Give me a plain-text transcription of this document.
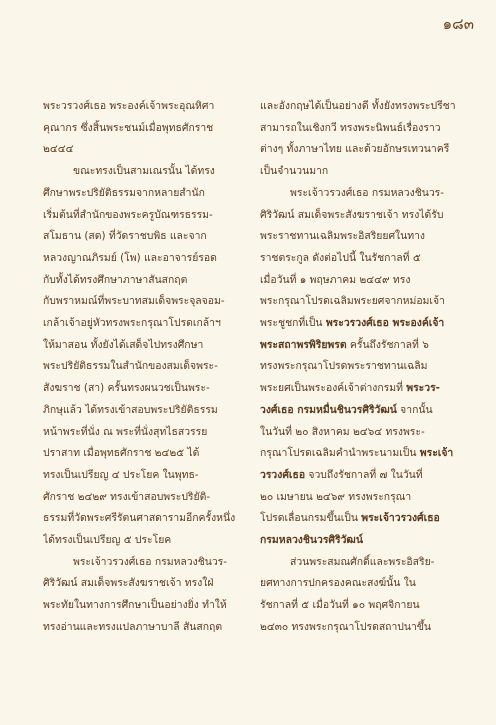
๑๘๓
พระวรวงศ์เธอ พระองค์เจ้าพระอุณหิศา
คุณากร ซึ่งสิ้นพระชนม์เมื่อพุทธศักราช
๒๔๔๔
ขณะทรงเป็นสามเณรนั้น ได้ทรง
ศึกษาพระปริยัติธรรมจากหลายสำนัก
เริ่มต้นที่สำนักของพระครูบัณฑรธรรม-
สโมธาน (สด) ที่วัดราชบพิธ และจาก
หลวงญาณภิรมย์ (โพ) และอาจารย์รอด
กับทั้งได้ทรงศึกษาภาษาสันสกฤต
กับพราหมณ์ที่พระบาทสมเด็จพระจุลจอม-
เกล้าเจ้าอยู่หัวทรงพระกรุณาโปรดเกล้าฯ
ให้มาสอน ทั้งยังได้เสด็จไปทรงศึกษา
พระปริยัติธรรมในสำนักของสมเด็จพระ-
สังฆราช (สา) ครั้นทรงผนวชเป็นพระ-
ภิกษุแล้ว ได้ทรงเข้าสอบพระปริยัติธรรม
หน้าพระที่นั่ง ณ พระที่นั่งสุทไธสวรรย
ปราสาท เมื่อพุทธศักราช ๒๔๒๕ ได้
ทรงเป็นเปรียญ ๔ ประโยค ในพุทธ-
ศักราช ๒๔๒๙ ทรงเข้าสอบพระปริยัติ-
ธรรมที่วัดพระศรีรัตนศาสดารามอีกครั้งหนึ่ง
ได้ทรงเป็นเปรียญ ๕ ประโยค
พระเจ้าวรวงศ์เธอ กรมหลวงชินวร-
ศิริวัฒน์ สมเด็จพระสังฆราชเจ้า ทรงใฝ่
พระทัยในทางการศึกษาเป็นอย่างยิ่ง ทำให้
ทรงอ่านและทรงแปลภาษาบาลี สันสกฤต
และอังกฤษได้เป็นอย่างดี ทั้งยังทรงพระปรีชา
สามารถในเชิงกวี ทรงพระนิพนธ์เรื่องราว
ต่างๆ ทั้งภาษาไทย และด้วยอักษรเทวนาครี
เป็นจำนวนมาก
พระเจ้าวรวงศ์เธอ กรมหลวงชินวร-
ศิริวัฒน์ สมเด็จพระสังฆราชเจ้า ทรงได้รับ
พระราชทานเฉลิมพระอิสริยยศในทาง
ราชตระกูล ดังต่อไปนี้ ในรัชกาลที่ ๕
เมื่อวันที่ ๑ พฤษภาคม ๒๔๔๙ ทรง
พระกรุณาโปรดเฉลิมพระยศจากหม่อมเจ้า
พระชูชกที่เป็น พระวรวงศ์เธอ พระองค์เจ้า
พระสถาพรพิริยพรต ครั้นถึงรัชกาลที่ ๖
ทรงพระกรุณาโปรดพระราชทานเฉลิม
พระยศเป็นพระองค์เจ้าต่างกรมที่ พระวร-
วงศ์เธอ กรมหมื่นชินวรศิริวัฒน์ จากนั้น
ในวันที่ ๒๐ สิงหาคม ๒๔๖๔ ทรงพระ-
กรุณาโปรดเฉลิมคำนำพระนามเป็น พระเจ้า
วรวงศ์เธอ จวบถึงรัชกาลที่ ๗ ในวันที่
๒๐ เมษายน ๒๔๖๙ ทรงพระกรุณา
โปรดเลื่อนกรมขึ้นเป็น พระเจ้าวรวงศ์เธอ
กรมหลวงชินวรศิริวัฒน์
ส่วนพระสมณศักดิ์และพระอิสริย-
ยศทางการปกครองคณะสงฆ์นั้น ใน
รัชกาลที่ ๕ เมื่อวันที่ ๑๐ พฤศจิกายน
๒๔๓๐ ทรงพระกรุณาโปรดสถาปนาขึ้น
